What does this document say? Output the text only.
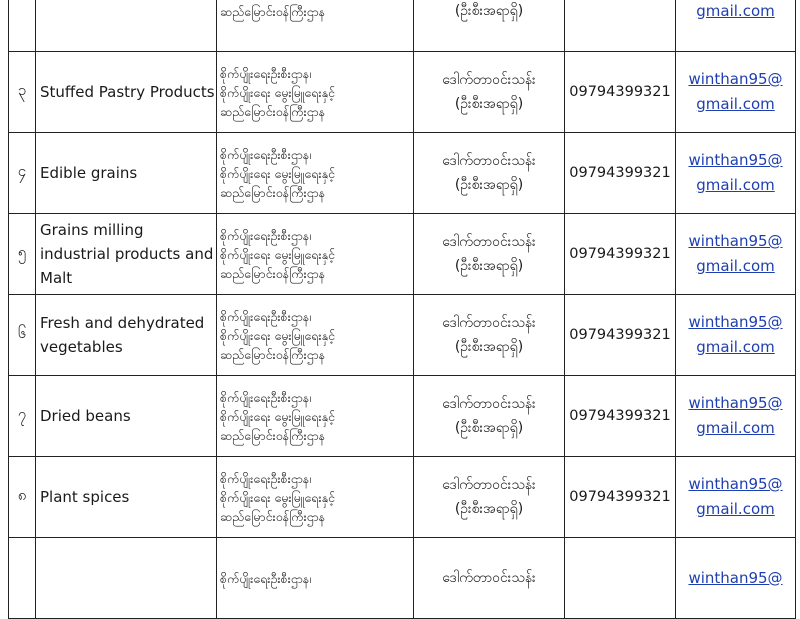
		ဆည်မြောင်းဝန်ကြီးဌာန	(ဦးစီးအရာရှိ)		gmail.com

၃	Stuffed Pastry Products	စိုက်ပျိုးရေးဦးစီးဌာန၊
စိုက်ပျိုးရေး မွေးမြူရေးနှင့်
ဆည်မြောင်းဝန်ကြီးဌာန	ဒေါက်တာဝင်းသန်း
(ဦးစီးအရာရှိ)	09794399321	winthan95@
gmail.com

၄	Edible grains	စိုက်ပျိုးရေးဦးစီးဌာန၊
စိုက်ပျိုးရေး မွေးမြူရေးနှင့်
ဆည်မြောင်းဝန်ကြီးဌာန	ဒေါက်တာဝင်းသန်း
(ဦးစီးအရာရှိ)	09794399321	winthan95@
gmail.com

၅	Grains milling industrial products and Malt	စိုက်ပျိုးရေးဦးစီးဌာန၊
စိုက်ပျိုးရေး မွေးမြူရေးနှင့်
ဆည်မြောင်းဝန်ကြီးဌာန	ဒေါက်တာဝင်းသန်း
(ဦးစီးအရာရှိ)	09794399321	winthan95@
gmail.com

၆	Fresh and dehydrated vegetables	စိုက်ပျိုးရေးဦးစီးဌာန၊
စိုက်ပျိုးရေး မွေးမြူရေးနှင့်
ဆည်မြောင်းဝန်ကြီးဌာန	ဒေါက်တာဝင်းသန်း
(ဦးစီးအရာရှိ)	09794399321	winthan95@
gmail.com

၇	Dried beans	စိုက်ပျိုးရေးဦးစီးဌာန၊
စိုက်ပျိုးရေး မွေးမြူရေးနှင့်
ဆည်မြောင်းဝန်ကြီးဌာန	ဒေါက်တာဝင်းသန်း
(ဦးစီးအရာရှိ)	09794399321	winthan95@
gmail.com

၈	Plant spices	စိုက်ပျိုးရေးဦးစီးဌာန၊
စိုက်ပျိုးရေး မွေးမြူရေးနှင့်
ဆည်မြောင်းဝန်ကြီးဌာန	ဒေါက်တာဝင်းသန်း
(ဦးစီးအရာရှိ)	09794399321	winthan95@
gmail.com

		စိုက်ပျိုးရေးဦးစီးဌာန၊	ဒေါက်တာဝင်းသန်း		winthan95@
